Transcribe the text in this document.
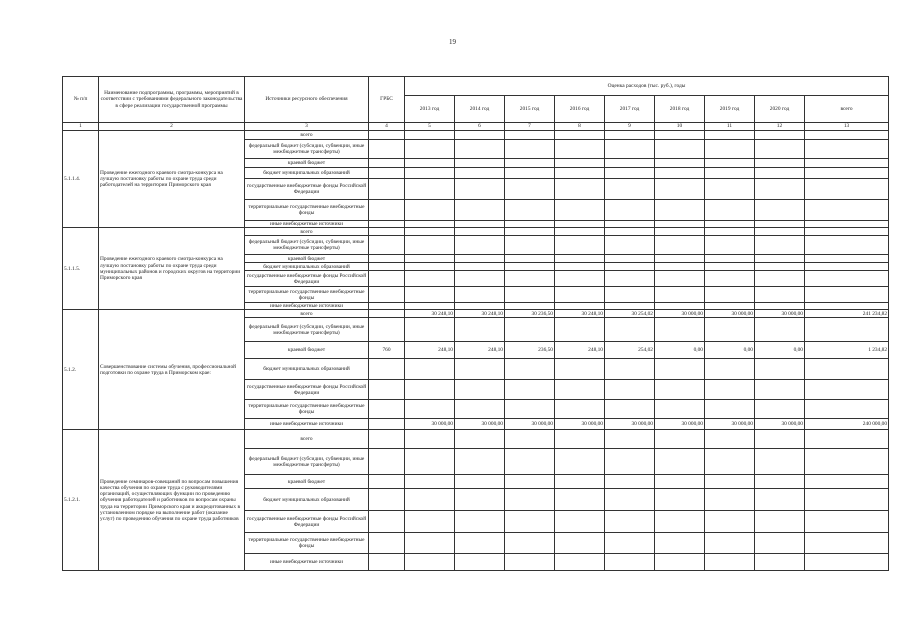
19
№ п/п	Наименование подпрограммы, программы, мероприятий в соответствии с требованиями федерального законодательства в сфере реализации государственной программы	Источники ресурсного обеспечения	ГРБС	Оценка расходов (тыс. руб.), годы								
				2013 год	2014 год	2015 год	2016 год	2017 год	2018 год	2019 год	2020 год	всего
1	2	3	4	5	6	7	8	9	10	11	12	13
5.1.1.4.	Проведение ежегодного краевого смотра-конкурса на лучшую постановку работы по охране труда среди работодателей на территории Приморского края	всего										
		федеральный бюджет (субсидии, субвенции, иные межбюджетные трансферты)										
		краевой бюджет										
		бюджет муниципальных образований										
		государственные внебюджетные фонды Российской Федерации										
		территориальные государственные внебюджетные фонды										
		иные внебюджетные источники										
5.1.1.5.	Проведение ежегодного краевого смотра-конкурса на лучшую постановку работы по охране труда среди муниципальных районов и городских округов на территории Приморского края	всего										
		федеральный бюджет (субсидии, субвенции, иные межбюджетные трансферты)										
		краевой бюджет										
		бюджет муниципальных образований										
		государственные внебюджетные фонды Российской Федерации										
		территориальные государственные внебюджетные фонды										
		иные внебюджетные источники										
5.1.2.	Совершенствование системы обучения, профессиональной подготовки по охране труда в Приморском крае:	всего		30 248,10	30 248,10	30 236,50	30 248,10	30 254,02	30 000,00	30 000,00	30 000,00	241 234,82
		федеральный бюджет (субсидии, субвенции, иные межбюджетные трансферты)										
		краевой бюджет	760	248,10	248,10	236,50	248,10	254,02	0,00	0,00	0,00	1 234,82
		бюджет муниципальных образований										
		государственные внебюджетные фонды Российской Федерации										
		территориальные государственные внебюджетные фонды										
		иные внебюджетные источники		30 000,00	30 000,00	30 000,00	30 000,00	30 000,00	30 000,00	30 000,00	30 000,00	240 000,00
5.1.2.1.	Проведение семинаров-совещаний по вопросам повышения качества обучения по охране труда с руководителями организаций, осуществляющих функции по проведению обучения работодателей и работников по вопросам охраны труда на территории Приморского края и аккредитованных в установленном порядке на выполнение работ (оказание услуг) по проведению обучения по охране труда работников	всего										
		федеральный бюджет (субсидии, субвенции, иные межбюджетные трансферты)										
		краевой бюджет										
		бюджет муниципальных образований										
		государственные внебюджетные фонды Российской Федерации										
		территориальные государственные внебюджетные фонды										
		иные внебюджетные источники										
